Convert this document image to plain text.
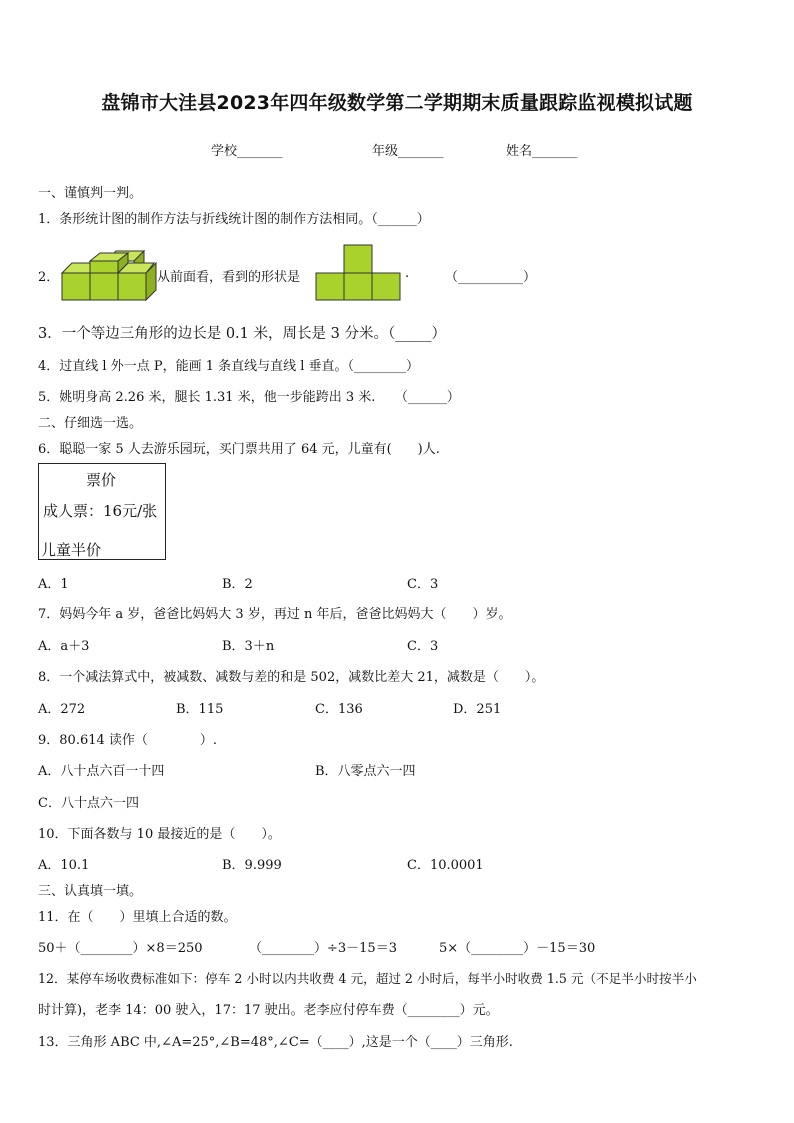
盘锦市大洼县2023年四年级数学第二学期期末质量跟踪监视模拟试题
学校_______	年级_______	姓名_______
一、谨慎判一判。
1．条形统计图的制作方法与折线统计图的制作方法相同。（______）
2．	从前面看，看到的形状是	.	（__________）
3．一个等边三角形的边长是 0.1 米，周长是 3 分米。（_____）
4．过直线 l 外一点 P，能画 1 条直线与直线 l 垂直。（________）
5．姚明身高 2.26 米，腿长 1.31 米，他一步能跨出 3 米.　　（______）
二、仔细选一选。
6．聪聪一家 5 人去游乐园玩，买门票共用了 64 元，儿童有(　　)人.
票价
成人票：16元/张
儿童半价
A．1	B．2	C．3
7．妈妈今年 a 岁，爸爸比妈妈大 3 岁，再过 n 年后，爸爸比妈妈大（　　）岁。
A．a＋3	B．3＋n	C．3
8．一个减法算式中，被减数、减数与差的和是 502，减数比差大 21，减数是（　　）。
A．272	B．115	C．136	D．251
9．80.614 读作（　　　　）.
A．八十点六百一十四	B．八零点六一四
C．八十点六一四
10．下面各数与 10 最接近的是（　　）。
A．10.1	B．9.999	C．10.0001
三、认真填一填。
11．在（　　）里填上合适的数。
50＋（________）×8＝250	（________）÷3－15＝3	5×（________）－15＝30
12．某停车场收费标准如下：停车 2 小时以内共收费 4 元，超过 2 小时后，每半小时收费 1.5 元（不足半小时按半小
时计算)，老李 14：00 驶入，17：17 驶出。老李应付停车费（________）元。
13．三角形 ABC 中,∠A=25°,∠B=48°,∠C=（____）,这是一个（____）三角形.
